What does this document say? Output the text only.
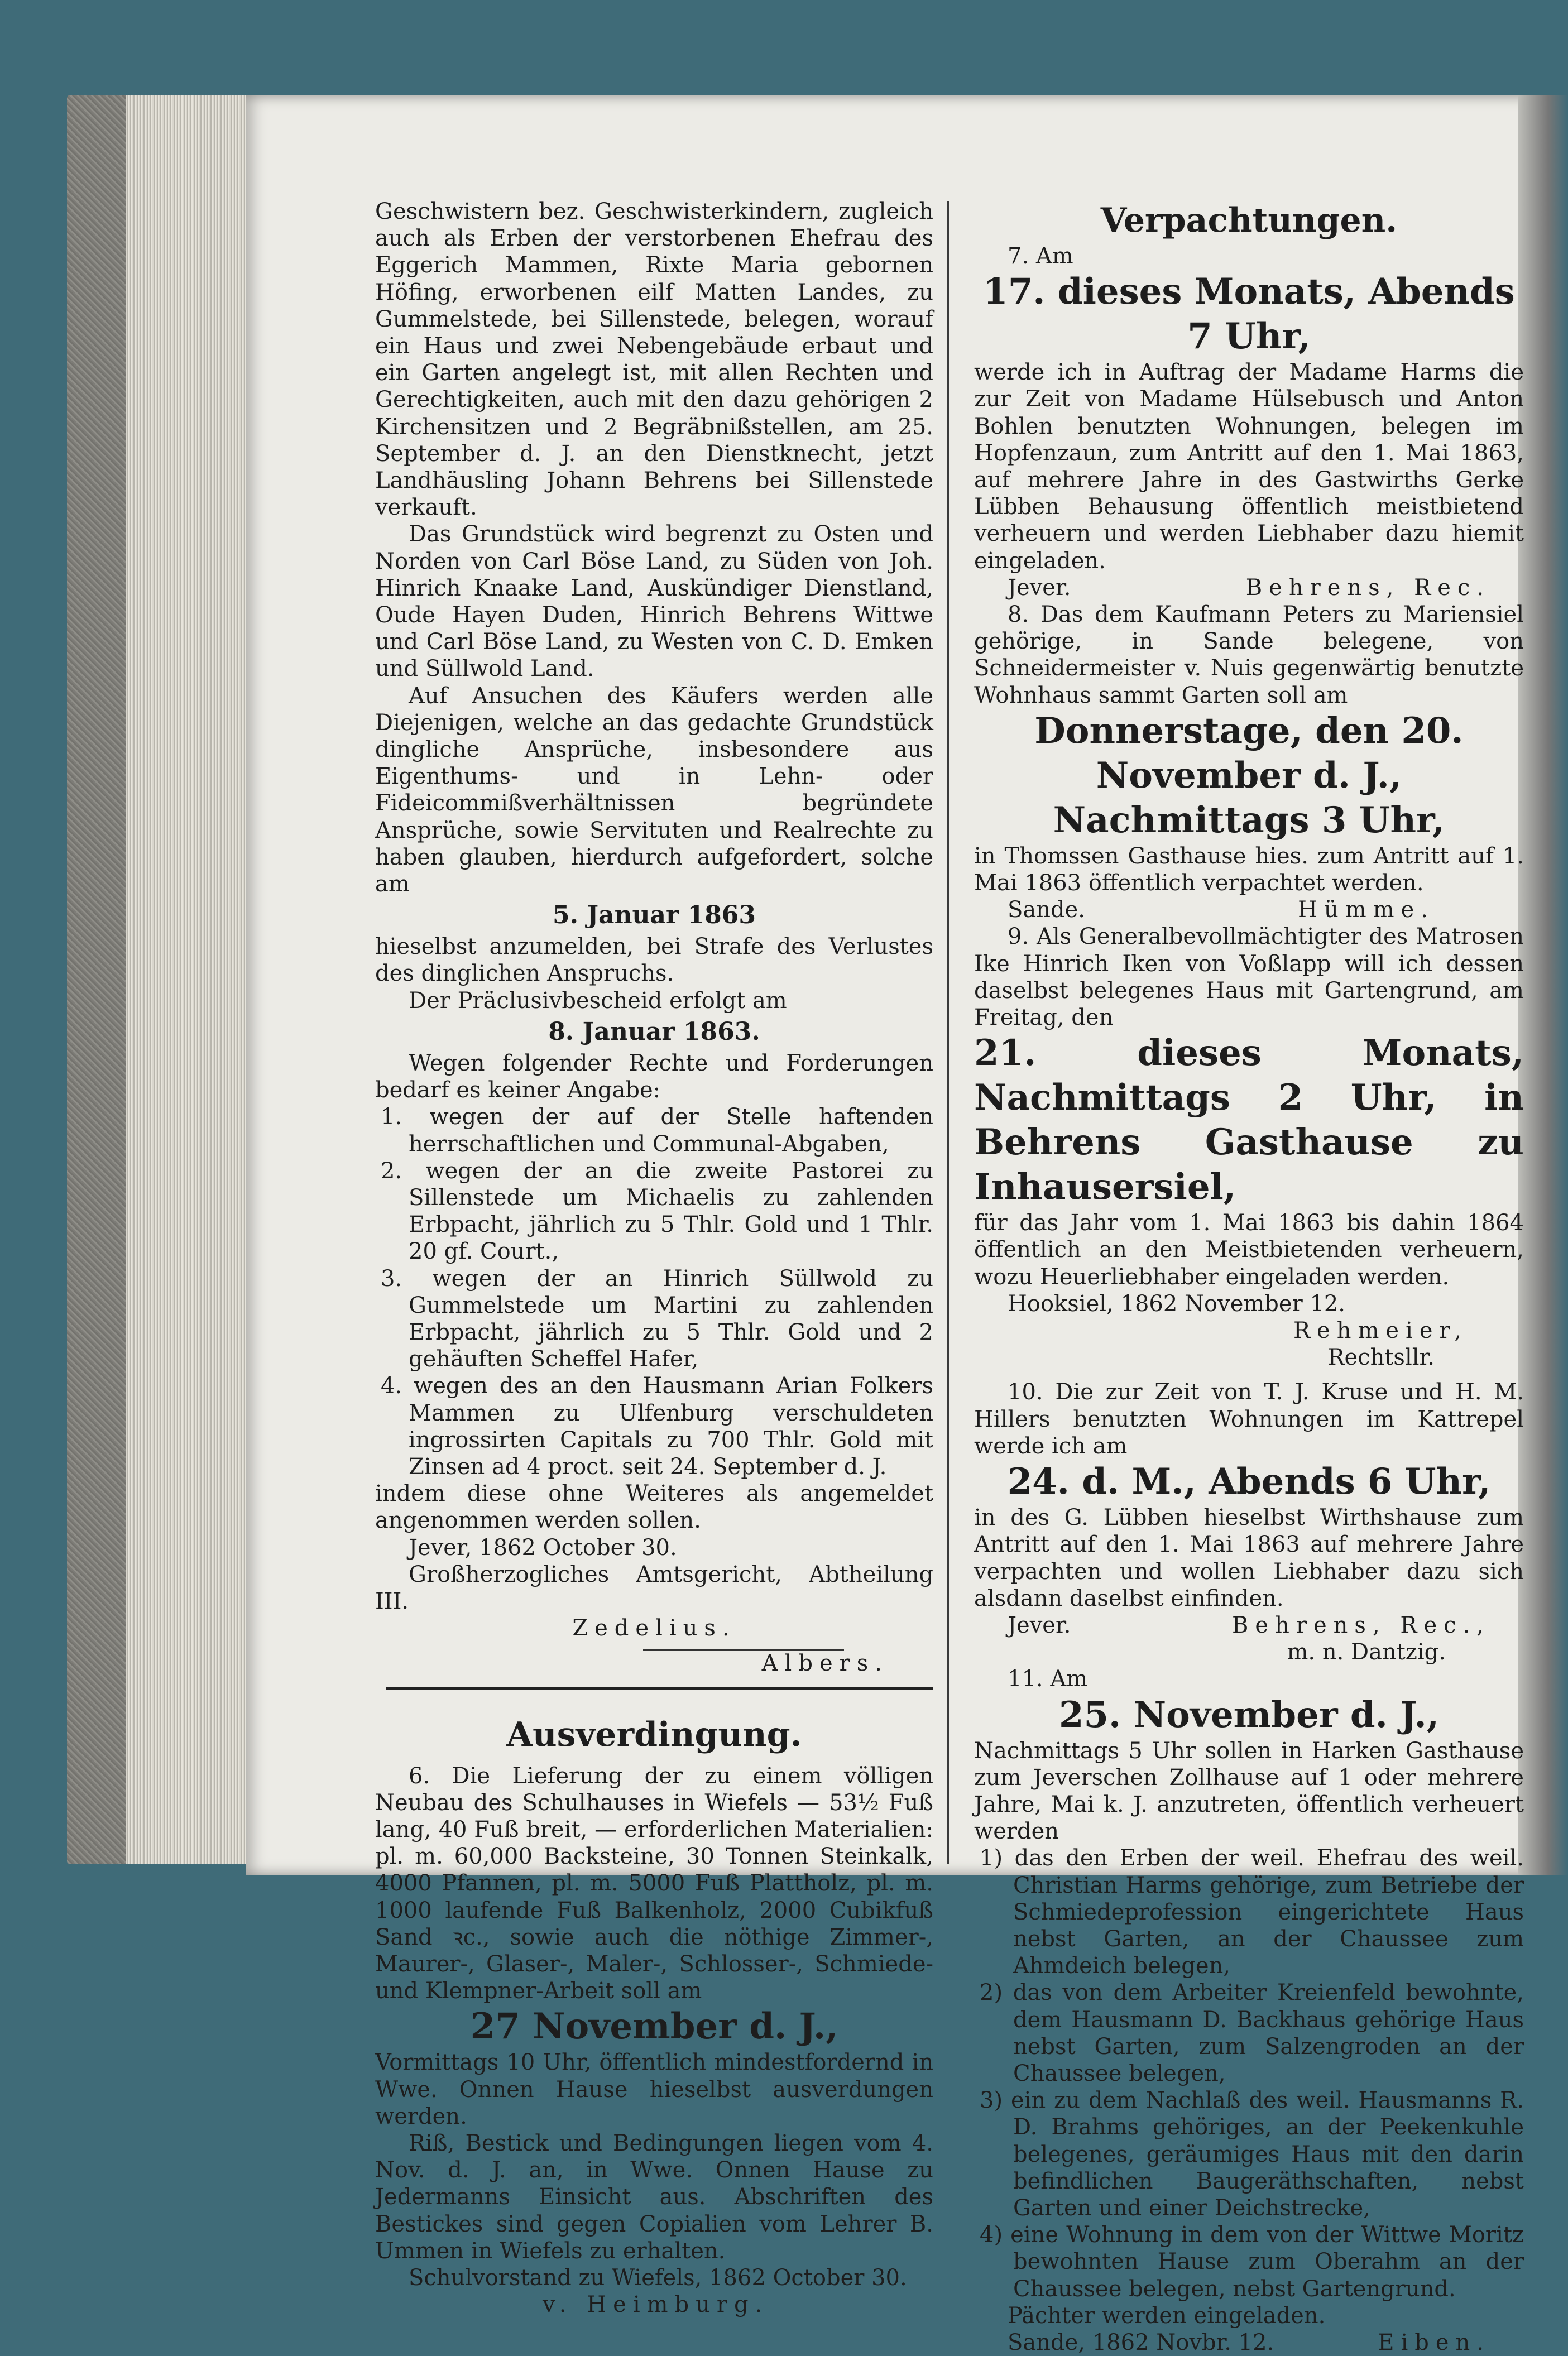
Geschwistern bez. Geschwisterkindern, zugleich auch als Erben der verstorbenen Ehefrau des Eggerich Mammen, Rixte Maria gebornen Höfing, erworbenen eilf Matten Landes, zu Gummelstede, bei Sillenstede, belegen, worauf ein Haus und zwei Nebengebäude erbaut und ein Garten angelegt ist, mit allen Rechten und Gerechtigkeiten, auch mit den dazu gehörigen 2 Kirchensitzen und 2 Begräbnißstellen, am 25. September d. J. an den Dienstknecht, jetzt Landhäusling Johann Behrens bei Sillenstede verkauft.

Das Grundstück wird begrenzt zu Osten und Norden von Carl Böse Land, zu Süden von Joh. Hinrich Knaake Land, Auskündiger Dienstland, Oude Hayen Duden, Hinrich Behrens Wittwe und Carl Böse Land, zu Westen von C. D. Emken und Süllwold Land.

Auf Ansuchen des Käufers werden alle Diejenigen, welche an das gedachte Grundstück dingliche Ansprüche, insbesondere aus Eigenthums- und in Lehn- oder Fideicommißverhältnissen begründete Ansprüche, sowie Servituten und Realrechte zu haben glauben, hierdurch aufgefordert, solche am

5. Januar 1863

hieselbst anzumelden, bei Strafe des Verlustes des dinglichen Anspruchs.

Der Präclusivbescheid erfolgt am

8. Januar 1863.

Wegen folgender Rechte und Forderungen bedarf es keiner Angabe:

1. wegen der auf der Stelle haftenden herrschaftlichen und Communal-Abgaben,

2. wegen der an die zweite Pastorei zu Sillenstede um Michaelis zu zahlenden Erbpacht, jährlich zu 5 Thlr. Gold und 1 Thlr. 20 gf. Court.,

3. wegen der an Hinrich Süllwold zu Gummelstede um Martini zu zahlenden Erbpacht, jährlich zu 5 Thlr. Gold und 2 gehäuften Scheffel Hafer,

4. wegen des an den Hausmann Arian Folkers Mammen zu Ulfenburg verschuldeten ingrossirten Capitals zu 700 Thlr. Gold mit Zinsen ad 4 proct. seit 24. September d. J.

indem diese ohne Weiteres als angemeldet angenommen werden sollen.

Jever, 1862 October 30.

Großherzogliches Amtsgericht, Abtheilung III.

Zedelius.

Albers.

Ausverdingung.

6. Die Lieferung der zu einem völligen Neubau des Schulhauses in Wiefels — 53½ Fuß lang, 40 Fuß breit, — erforderlichen Materialien: pl. m. 60,000 Backsteine, 30 Tonnen Steinkalk, 4000 Pfannen, pl. m. 5000 Fuß Plattholz, pl. m. 1000 laufende Fuß Balkenholz, 2000 Cubikfuß Sand ꝛc., sowie auch die nöthige Zimmer-, Maurer-, Glaser-, Maler-, Schlosser-, Schmiede- und Klempner-Arbeit soll am

27 November d. J.,

Vormittags 10 Uhr, öffentlich mindestfordernd in Wwe. Onnen Hause hieselbst ausverdungen werden.

Riß, Bestick und Bedingungen liegen vom 4. Nov. d. J. an, in Wwe. Onnen Hause zu Jedermanns Einsicht aus. Abschriften des Bestickes sind gegen Copialien vom Lehrer B. Ummen in Wiefels zu erhalten.

Schulvorstand zu Wiefels, 1862 October 30.

v. Heimburg.

Verpachtungen.

7. Am

17. dieses Monats, Abends 7 Uhr,

werde ich in Auftrag der Madame Harms die zur Zeit von Madame Hülsebusch und Anton Bohlen benutzten Wohnungen, belegen im Hopfenzaun, zum Antritt auf den 1. Mai 1863, auf mehrere Jahre in des Gastwirths Gerke Lübben Behausung öffentlich meistbietend verheuern und werden Liebhaber dazu hiemit eingeladen.

Jever.	Behrens, Rec.

8. Das dem Kaufmann Peters zu Mariensiel gehörige, in Sande belegene, von Schneidermeister v. Nuis gegenwärtig benutzte Wohnhaus sammt Garten soll am

Donnerstage, den 20. November d. J.,

Nachmittags 3 Uhr,

in Thomssen Gasthause hies. zum Antritt auf 1. Mai 1863 öffentlich verpachtet werden.

Sande.	Hümme.

9. Als Generalbevollmächtigter des Matrosen Ike Hinrich Iken von Voßlapp will ich dessen daselbst belegenes Haus mit Gartengrund, am Freitag, den

21. dieses Monats, Nachmittags 2 Uhr, in Behrens Gasthause zu Inhausersiel,

für das Jahr vom 1. Mai 1863 bis dahin 1864 öffentlich an den Meistbietenden verheuern, wozu Heuerliebhaber eingeladen werden.

Hooksiel, 1862 November 12.

Rehmeier,

Rechtsllr.

10. Die zur Zeit von T. J. Kruse und H. M. Hillers benutzten Wohnungen im Kattrepel werde ich am

24. d. M., Abends 6 Uhr,

in des G. Lübben hieselbst Wirthshause zum Antritt auf den 1. Mai 1863 auf mehrere Jahre verpachten und wollen Liebhaber dazu sich alsdann daselbst einfinden.

Jever.	Behrens, Rec.,

m. n. Dantzig.

11. Am

25. November d. J.,

Nachmittags 5 Uhr sollen in Harken Gasthause zum Jeverschen Zollhause auf 1 oder mehrere Jahre, Mai k. J. anzutreten, öffentlich verheuert werden

1) das den Erben der weil. Ehefrau des weil. Christian Harms gehörige, zum Betriebe der Schmiedeprofession eingerichtete Haus nebst Garten, an der Chaussee zum Ahmdeich belegen,

2) das von dem Arbeiter Kreienfeld bewohnte, dem Hausmann D. Backhaus gehörige Haus nebst Garten, zum Salzengroden an der Chaussee belegen,

3) ein zu dem Nachlaß des weil. Hausmanns R. D. Brahms gehöriges, an der Peekenkuhle belegenes, geräumiges Haus mit den darin befindlichen Baugeräthschaften, nebst Garten und einer Deichstrecke,

4) eine Wohnung in dem von der Wittwe Moritz bewohnten Hause zum Oberahm an der Chaussee belegen, nebst Gartengrund.

Pächter werden eingeladen.

Sande, 1862 Novbr. 12.	Eiben.
